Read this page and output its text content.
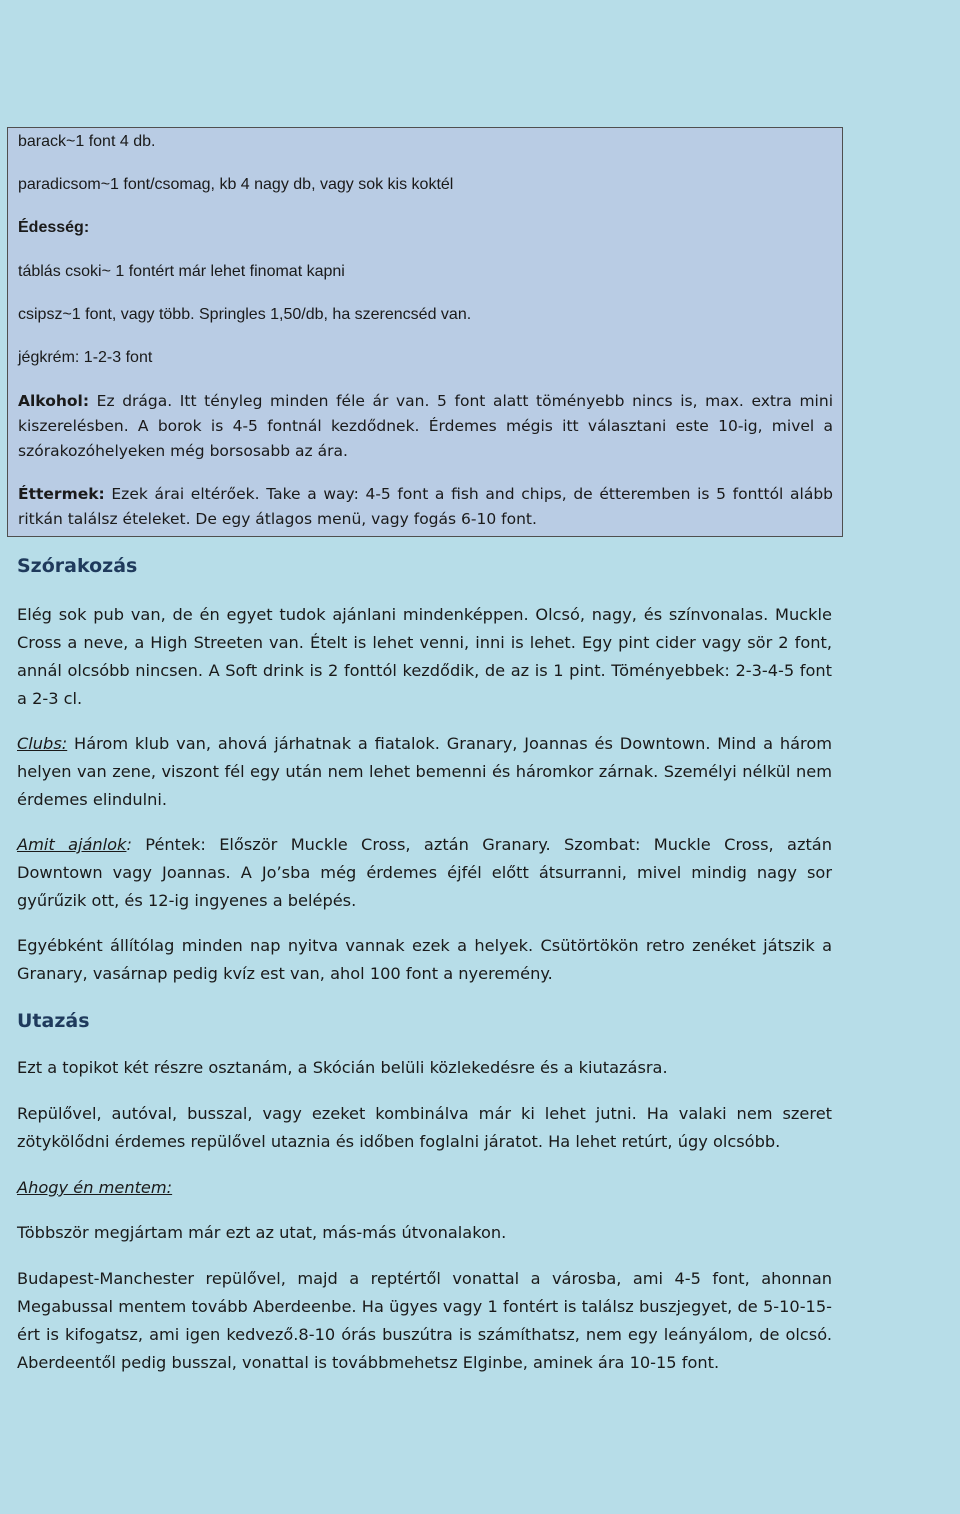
barack~1 font 4 db.

paradicsom~1 font/csomag, kb 4 nagy db, vagy sok kis koktél

Édesség:

táblás csoki~ 1 fontért már lehet finomat kapni

csipsz~1 font, vagy több. Springles 1,50/db, ha szerencséd van.

jégkrém: 1-2-3 font

Alkohol: Ez drága. Itt tényleg minden féle ár van. 5 font alatt töményebb nincs is, max. extra mini kiszerelésben. A borok is 4-5 fontnál kezdődnek. Érdemes mégis itt választani este 10-ig, mivel a szórakozóhelyeken még borsosabb az ára.

Éttermek: Ezek árai eltérőek. Take a way: 4-5 font a fish and chips, de étteremben is 5 fonttól alább ritkán találsz ételeket. De egy átlagos menü, vagy fogás 6-10 font.

Szórakozás

Elég sok pub van, de én egyet tudok ajánlani mindenképpen. Olcsó, nagy, és színvonalas. Muckle Cross a neve, a High Streeten van. Ételt is lehet venni, inni is lehet. Egy pint cider vagy sör 2 font, annál olcsóbb nincsen. A Soft drink is 2 fonttól kezdődik, de az is 1 pint. Töményebbek: 2-3-4-5 font a 2-3 cl.

Clubs: Három klub van, ahová járhatnak a fiatalok. Granary, Joannas és Downtown. Mind a három helyen van zene, viszont fél egy után nem lehet bemenni és háromkor zárnak. Személyi nélkül nem érdemes elindulni.

Amit ajánlok: Péntek: Először Muckle Cross, aztán Granary. Szombat: Muckle Cross, aztán Downtown vagy Joannas. A Jo’sba még érdemes éjfél előtt átsurranni, mivel mindig nagy sor gyűrűzik ott, és 12-ig ingyenes a belépés.

Egyébként állítólag minden nap nyitva vannak ezek a helyek. Csütörtökön retro zenéket játszik a Granary, vasárnap pedig kvíz est van, ahol 100 font a nyeremény.

Utazás

Ezt a topikot két részre osztanám, a Skócián belüli közlekedésre és a kiutazásra.

Repülővel, autóval, busszal, vagy ezeket kombinálva már ki lehet jutni. Ha valaki nem szeret zötykölődni érdemes repülővel utaznia és időben foglalni járatot. Ha lehet retúrt, úgy olcsóbb.

Ahogy én mentem:

Többször megjártam már ezt az utat, más-más útvonalakon.

Budapest-Manchester repülővel, majd a reptértől vonattal a városba, ami 4-5 font, ahonnan Megabussal mentem tovább Aberdeenbe. Ha ügyes vagy 1 fontért is találsz buszjegyet, de 5-10-15-ért is kifogatsz, ami igen kedvező.8-10 órás buszútra is számíthatsz, nem egy leányálom, de olcsó. Aberdeentől pedig busszal, vonattal is továbbmehetsz Elginbe, aminek ára 10-15 font.
